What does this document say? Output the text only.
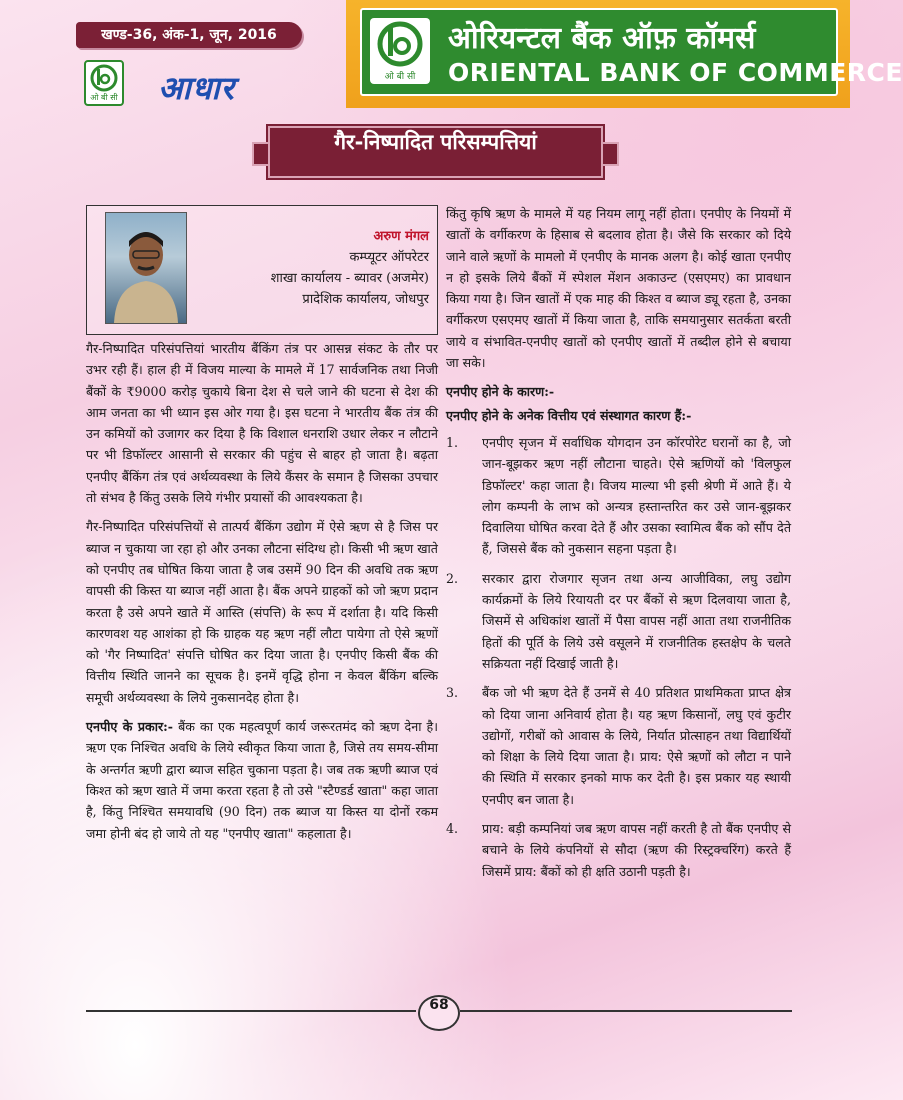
खण्ड-36, अंक-1, जून, 2016
ओ बी सी आधार	ओ बी सी
ओरियन्टल बैंक ऑफ़ कॉमर्स
ORIENTAL BANK OF COMMERCE
गैर-निष्पादित परिसम्पत्तियां
अरुण मंगल
कम्प्यूटर ऑपरेटर
शाखा कार्यालय - ब्यावर (अजमेर)
प्रादेशिक कार्यालय, जोधपुर

गैर-निष्पादित परिसंपत्तियां भारतीय बैंकिंग तंत्र पर आसन्न संकट के तौर पर उभर रही हैं। हाल ही में विजय माल्या के मामले में 17 सार्वजनिक तथा निजी बैंकों के ₹9000 करोड़ चुकाये बिना देश से चले जाने की घटना से देश की आम जनता का भी ध्यान इस ओर गया है। इस घटना ने भारतीय बैंक तंत्र की उन कमियों को उजागर कर दिया है कि विशाल धनराशि उधार लेकर न लौटाने पर भी डिफॉल्टर आसानी से सरकार की पहुंच से बाहर हो जाता है। बढ़ता एनपीए बैंकिंग तंत्र एवं अर्थव्यवस्था के लिये कैंसर के समान है जिसका उपचार तो संभव है किंतु उसके लिये गंभीर प्रयासों की आवश्यकता है।

गैर-निष्पादित परिसंपत्तियों से तात्पर्य बैंकिंग उद्योग में ऐसे ऋण से है जिस पर ब्याज न चुकाया जा रहा हो और उनका लौटना संदिग्ध हो। किसी भी ऋण खाते को एनपीए तब घोषित किया जाता है जब उसमें 90 दिन की अवधि तक ऋण वापसी की किस्त या ब्याज नहीं आता है। बैंक अपने ग्राहकों को जो ऋण प्रदान करता है उसे अपने खाते में आस्ति (संपत्ति) के रूप में दर्शाता है। यदि किसी कारणवश यह आशंका हो कि ग्राहक यह ऋण नहीं लौटा पायेगा तो ऐसे ऋणों को 'गैर निष्पादित' संपत्ति घोषित कर दिया जाता है। एनपीए किसी बैंक की वित्तीय स्थिति जानने का सूचक है। इनमें वृद्धि होना न केवल बैंकिंग बल्कि समूची अर्थव्यवस्था के लिये नुकसानदेह होता है।

एनपीए के प्रकार:- बैंक का एक महत्वपूर्ण कार्य जरूरतमंद को ऋण देना है। ऋण एक निश्चित अवधि के लिये स्वीकृत किया जाता है, जिसे तय समय-सीमा के अन्तर्गत ऋणी द्वारा ब्याज सहित चुकाना पड़ता है। जब तक ऋणी ब्याज एवं किश्त को ऋण खाते में जमा करता रहता है तो उसे "स्टैण्डर्ड खाता" कहा जाता है, किंतु निश्चित समयावधि (90 दिन) तक ब्याज या किस्त या दोनों रकम जमा होनी बंद हो जाये तो यह "एनपीए खाता" कहलाता है।

किंतु कृषि ऋण के मामले में यह नियम लागू नहीं होता। एनपीए के नियमों में खातों के वर्गीकरण के हिसाब से बदलाव होता है। जैसे कि सरकार को दिये जाने वाले ऋणों के मामलो में एनपीए के मानक अलग है। कोई खाता एनपीए न हो इसके लिये बैंकों में स्पेशल मेंशन अकाउन्ट (एसएमए) का प्रावधान किया गया है। जिन खातों में एक माह की किश्त व ब्याज ड्यू रहता है, उनका वर्गीकरण एसएमए खातों में किया जाता है, ताकि समयानुसार सतर्कता बरती जाये व संभावित-एनपीए खातों को एनपीए खातों में तब्दील होने से बचाया जा सके।

एनपीए होने के कारण:-
एनपीए होने के अनेक वित्तीय एवं संस्थागत कारण हैं:-
1. एनपीए सृजन में सर्वाधिक योगदान उन कॉरपोरेट घरानों का है, जो जान-बूझकर ऋण नहीं लौटाना चाहते। ऐसे ऋणियों को 'विलफुल डिफॉल्टर' कहा जाता है। विजय माल्या भी इसी श्रेणी में आते हैं। ये लोग कम्पनी के लाभ को अन्यत्र हस्तान्तरित कर उसे जान-बूझकर दिवालिया घोषित करवा देते हैं और उसका स्वामित्व बैंक को सौंप देते हैं, जिससे बैंक को नुकसान सहना पड़ता है।
2. सरकार द्वारा रोजगार सृजन तथा अन्य आजीविका, लघु उद्योग कार्यक्रमों के लिये रियायती दर पर बैंकों से ऋण दिलवाया जाता है, जिसमें से अधिकांश खातों में पैसा वापस नहीं आता तथा राजनीतिक हितों की पूर्ति के लिये उसे वसूलने में राजनीतिक हस्तक्षेप के चलते सक्रियता नहीं दिखाई जाती है।
3. बैंक जो भी ऋण देते हैं उनमें से 40 प्रतिशत प्राथमिकता प्राप्त क्षेत्र को दिया जाना अनिवार्य होता है। यह ऋण किसानों, लघु एवं कुटीर उद्योगों, गरीबों को आवास के लिये, निर्यात प्रोत्साहन तथा विद्यार्थियों को शिक्षा के लिये दिया जाता है। प्राय: ऐसे ऋणों को लौटा न पाने की स्थिति में सरकार इनको माफ कर देती है। इस प्रकार यह स्थायी एनपीए बन जाता है।
4. प्राय: बड़ी कम्पनियां जब ऋण वापस नहीं करती है तो बैंक एनपीए से बचाने के लिये कंपनियों से सौदा (ऋण की रिस्ट्रक्चरिंग) करते हैं जिसमें प्राय: बैंकों को ही क्षति उठानी पड़ती है।
68
